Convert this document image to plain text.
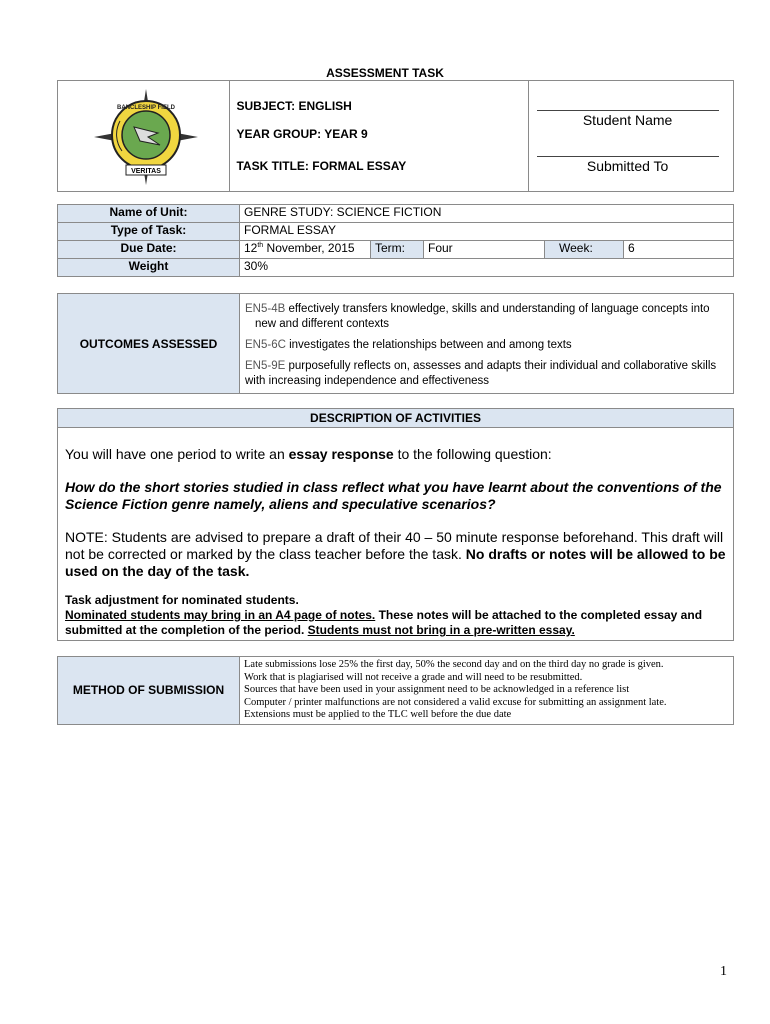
ASSESSMENT TASK
VERITAS
BANCLESHIP FIELD	SUBJECT: ENGLISH
YEAR GROUP: YEAR 9
TASK TITLE: FORMAL ESSAY

Student Name
Submitted To
Name of Unit:	GENRE STUDY: SCIENCE FICTION				
Type of Task:	FORMAL ESSAY				
Due Date:	12th November, 2015	Term:	Four	Week:	6
Weight	30%				
OUTCOMES ASSESSED	
EN5-4B effectively transfers knowledge, skills and understanding of language concepts into
new and different contexts
EN5-6C investigates the relationships between and among texts
EN5-9E purposefully reflects on, assesses and adapts their individual and collaborative skills
with increasing independence and effectiveness
DESCRIPTION OF ACTIVITIES

You will have one period to write an essay response to the following question:

How do the short stories studied in class reflect what you have learnt about the conventions of the Science Fiction genre namely, aliens and speculative scenarios?

NOTE: Students are advised to prepare a draft of their 40 – 50 minute response beforehand. This draft will not be corrected or marked by the class teacher before the task. No drafts or notes will be allowed to be used on the day of the task.

Task adjustment for nominated students.

Nominated students may bring in an A4 page of notes. These notes will be attached to the completed essay and submitted at the completion of the period. Students must not bring in a pre-written essay.

METHOD OF SUBMISSION	
Late submissions lose 25% the first day, 50% the second day and on the third day no grade is given.
Work that is plagiarised will not receive a grade and will need to be resubmitted.
Sources that have been used in your assignment need to be acknowledged in a reference list
Computer / printer malfunctions are not considered a valid excuse for submitting an assignment late.
Extensions must be applied to the TLC well before the due date
1
